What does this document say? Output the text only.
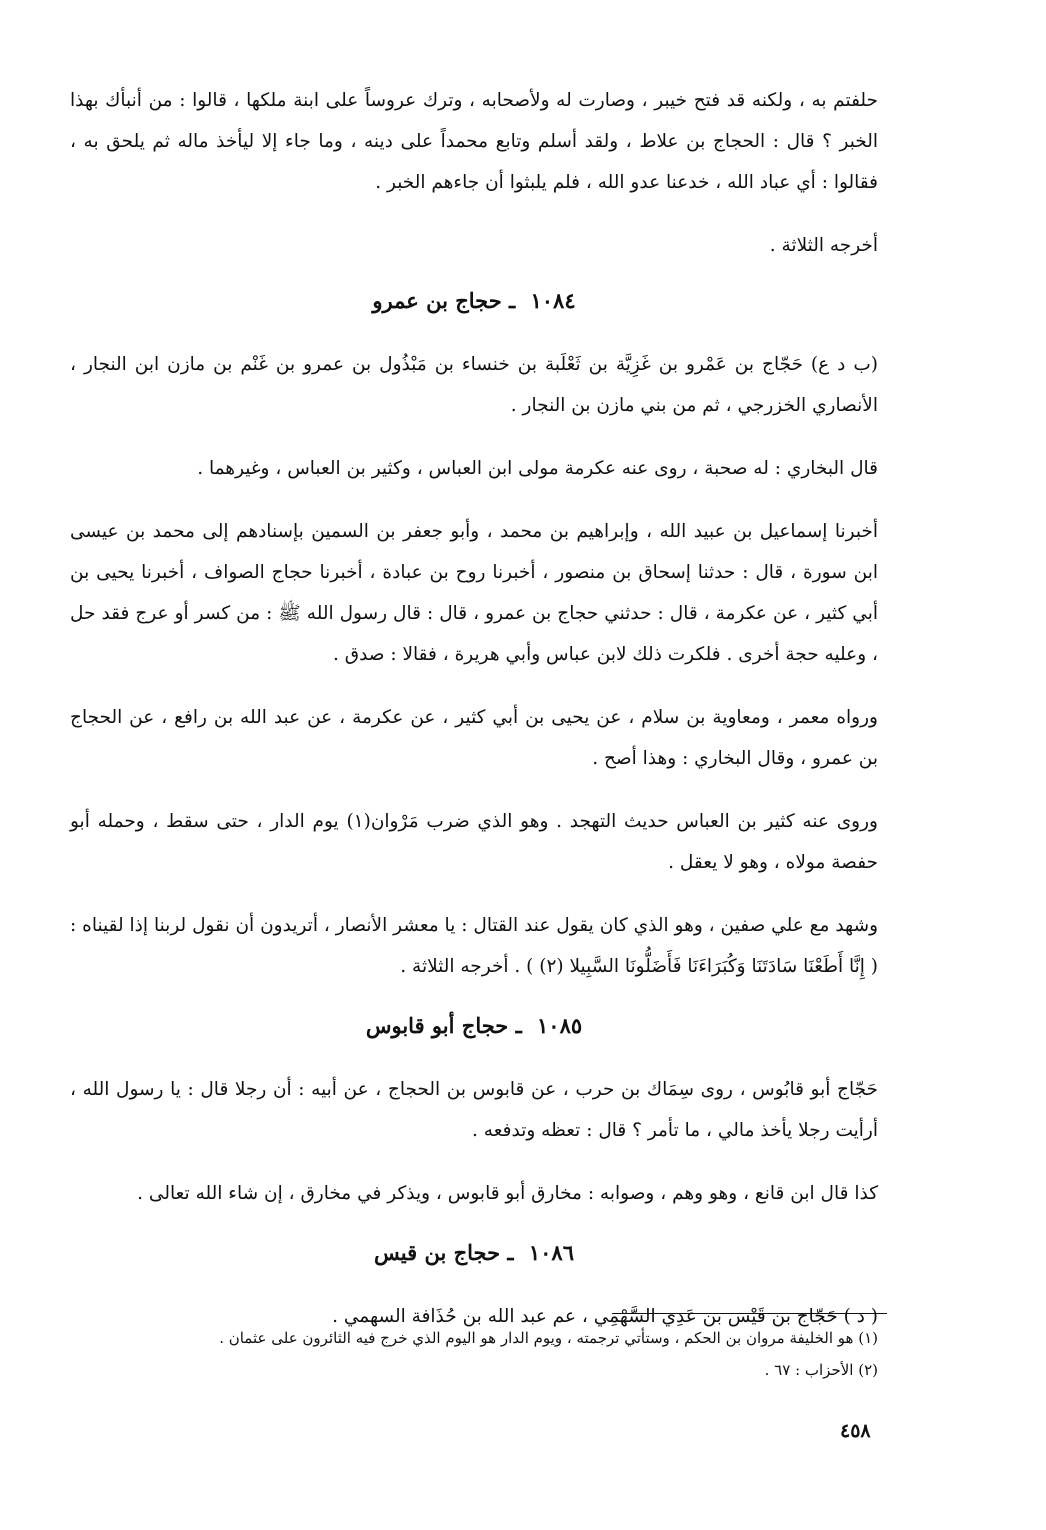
حلفتم به ، ولكنه قد فتح خيبر ، وصارت له ولأصحابه ، وترك عروساً على ابنة ملكها ، قالوا : من أنبأك بهذا الخبر ؟ قال : الحجاج بن علاط ، ولقد أسلم وتابع محمداً على دينه ، وما جاء إلا ليأخذ ماله ثم يلحق به ، فقالوا : أي عباد الله ، خدعنا عدو الله ، فلم يلبثوا أن جاءهم الخبر .

أخرجه الثلاثة .

١٠٨٤ ـ حجاج بن عمرو

(ب د ع) حَجّاج بن عَمْرو بن غَزِيَّة بن ثَعْلَبة بن خنساء بن مَبْذُول بن عمرو بن غَنْم بن مازن ابن النجار ، الأنصاري الخزرجي ، ثم من بني مازن بن النجار .

قال البخاري : له صحبة ، روى عنه عكرمة مولى ابن العباس ، وكثير بن العباس ، وغيرهما .

أخبرنا إسماعيل بن عبيد الله ، وإبراهيم بن محمد ، وأبو جعفر بن السمين بإسنادهم إلى محمد بن عيسى ابن سورة ، قال : حدثنا إسحاق بن منصور ، أخبرنا روح بن عبادة ، أخبرنا حجاج الصواف ، أخبرنا يحيى بن أبي كثير ، عن عكرمة ، قال : حدثني حجاج بن عمرو ، قال : قال رسول الله ﷺ : من كسر أو عرج فقد حل ، وعليه حجة أخرى . فلكرت ذلك لابن عباس وأبي هريرة ، فقالا : صدق .

ورواه معمر ، ومعاوية بن سلام ، عن يحيى بن أبي كثير ، عن عكرمة ، عن عبد الله بن رافع ، عن الحجاج بن عمرو ، وقال البخاري : وهذا أصح .

وروى عنه كثير بن العباس حديث التهجد . وهو الذي ضرب مَرْوان(١) يوم الدار ، حتى سقط ، وحمله أبو حفصة مولاه ، وهو لا يعقل .

وشهد مع علي صفين ، وهو الذي كان يقول عند القتال : يا معشر الأنصار ، أتريدون أن نقول لربنا إذا لقيناه : ( إِنَّا أَطَعْنَا سَادَتَنَا وَكُبَرَاءَنَا فَأَضَلُّونَا السَّبِيلا (٢) ) . أخرجه الثلاثة .

١٠٨٥ ـ حجاج أبو قابوس

حَجّاج أبو قابُوس ، روى سِمَاك بن حرب ، عن قابوس بن الحجاج ، عن أبيه : أن رجلا قال : يا رسول الله ، أرأيت رجلا يأخذ مالي ، ما تأمر ؟ قال : تعظه وتدفعه .

كذا قال ابن قانع ، وهو وهم ، وصوابه : مخارق أبو قابوس ، ويذكر في مخارق ، إن شاء الله تعالى .

١٠٨٦ ـ حجاج بن قيس

( د ) حَجّاج بن قَيْس بن عَدِي السَّهْمِي ، عم عبد الله بن حُذَافة السهمي .

(١) هو الخليفة مروان بن الحكم ، وستأتي ترجمته ، ويوم الدار هو اليوم الذي خرج فيه الثائرون على عثمان .
(٢) الأحزاب : ٦٧ .
٤٥٨
